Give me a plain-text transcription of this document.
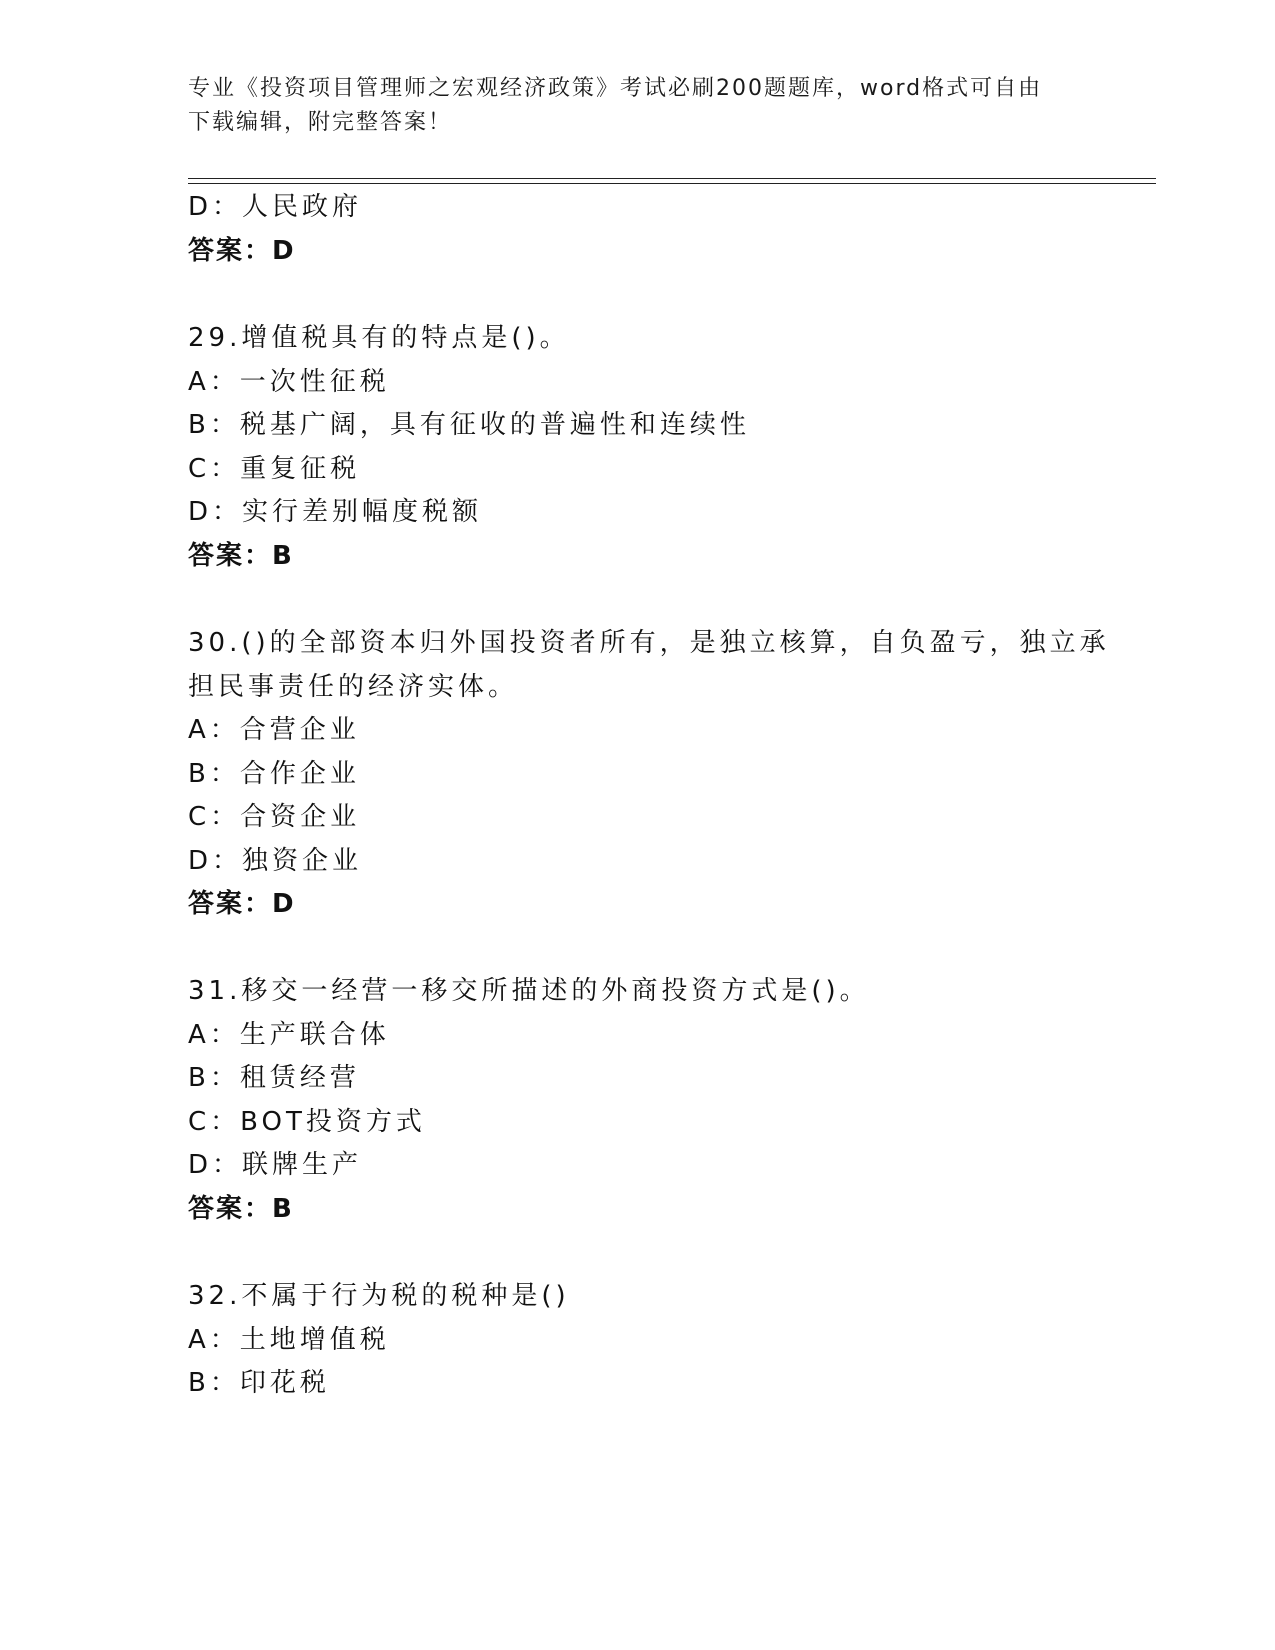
专业《投资项目管理师之宏观经济政策》考试必刷200题题库，word格式可自由
下载编辑，附完整答案！
D：人民政府
答案：D
29.增值税具有的特点是()。
A：一次性征税
B：税基广阔，具有征收的普遍性和连续性
C：重复征税
D：实行差别幅度税额
答案：B
30.()的全部资本归外国投资者所有，是独立核算，自负盈亏，独立承
担民事责任的经济实体。
A：合营企业
B：合作企业
C：合资企业
D：独资企业
答案：D
31.移交一经营一移交所描述的外商投资方式是()。
A：生产联合体
B：租赁经营
C：BOT投资方式
D：联牌生产
答案：B
32.不属于行为税的税种是()
A：土地增值税
B：印花税
